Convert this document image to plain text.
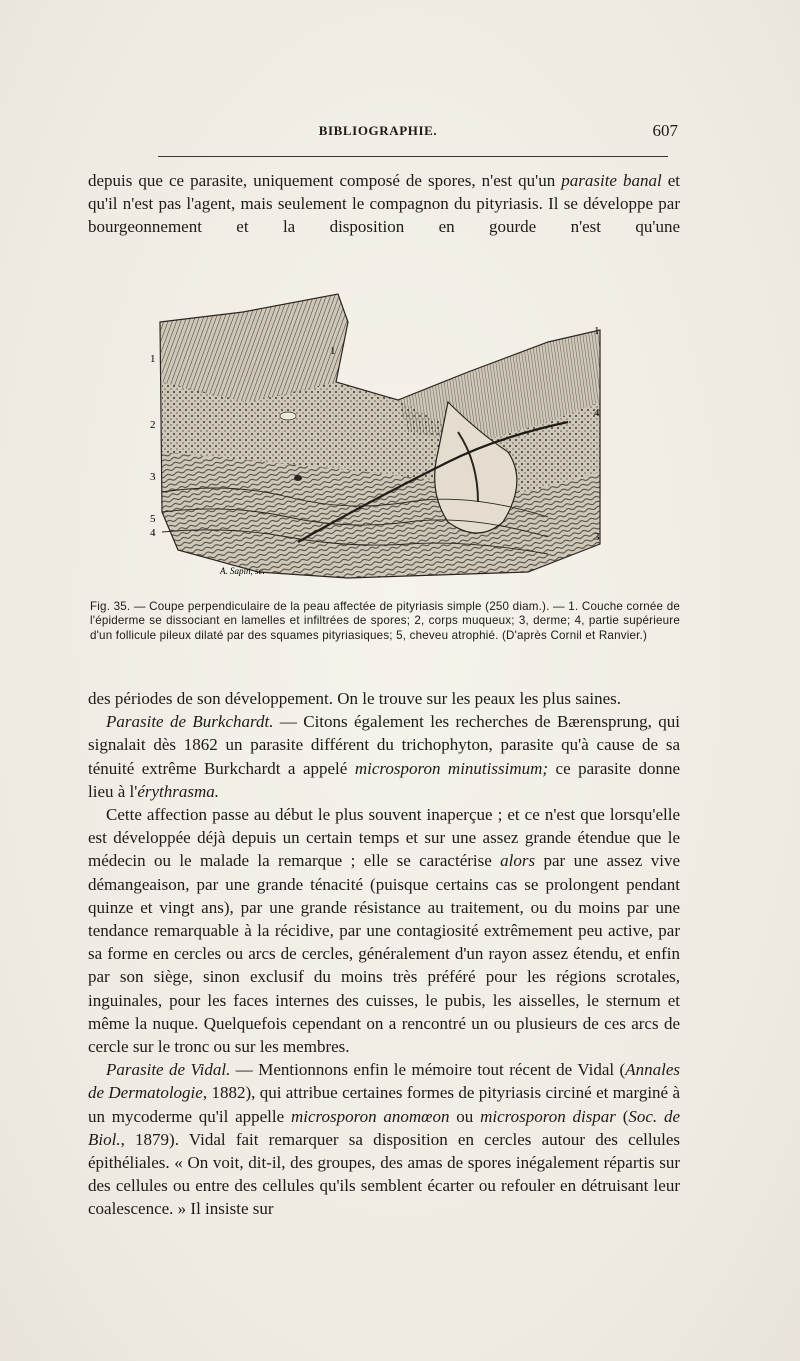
BIBLIOGRAPHIE.	607

depuis que ce parasite, uniquement composé de spores, n'est qu'un parasite banal et qu'il n'est pas l'agent, mais seulement le compagnon du pityriasis. Il se développe par bourgeonnement et la disposition en gourde n'est qu'une

1
2
3
5
4
1
1
4
3
A. Sapin, sc.
Fig. 35. — Coupe perpendiculaire de la peau affectée de pityriasis simple (250 diam.). — 1. Couche cornée de l'épiderme se dissociant en lamelles et infiltrées de spores; 2, corps muqueux; 3, derme; 4, partie supérieure d'un follicule pileux dilaté par des squames pityriasiques; 5, cheveu atrophié. (D'après Cornil et Ranvier.)

des périodes de son développement. On le trouve sur les peaux les plus saines.

Parasite de Burkchardt. — Citons également les recherches de Bærensprung, qui signalait dès 1862 un parasite différent du trichophyton, parasite qu'à cause de sa ténuité extrême Burkchardt a appelé microsporon minutissimum; ce parasite donne lieu à l'érythrasma.

Cette affection passe au début le plus souvent inaperçue ; et ce n'est que lorsqu'elle est développée déjà depuis un certain temps et sur une assez grande étendue que le médecin ou le malade la remarque ; elle se caractérise alors par une assez vive démangeaison, par une grande ténacité (puisque certains cas se prolongent pendant quinze et vingt ans), par une grande résistance au traitement, ou du moins par une tendance remarquable à la récidive, par une contagiosité extrêmement peu active, par sa forme en cercles ou arcs de cercles, généralement d'un rayon assez étendu, et enfin par son siège, sinon exclusif du moins très préféré pour les régions scrotales, inguinales, pour les faces internes des cuisses, le pubis, les aisselles, le sternum et même la nuque. Quelquefois cependant on a rencontré un ou plusieurs de ces arcs de cercle sur le tronc ou sur les membres.

Parasite de Vidal. — Mentionnons enfin le mémoire tout récent de Vidal (Annales de Dermatologie, 1882), qui attribue certaines formes de pityriasis circiné et marginé à un mycoderme qu'il appelle microsporon anomœon ou microsporon dispar (Soc. de Biol., 1879). Vidal fait remarquer sa disposition en cercles autour des cellules épithéliales. « On voit, dit-il, des groupes, des amas de spores inégalement répartis sur des cellules ou entre des cellules qu'ils semblent écarter ou refouler en détruisant leur coalescence. » Il insiste sur
